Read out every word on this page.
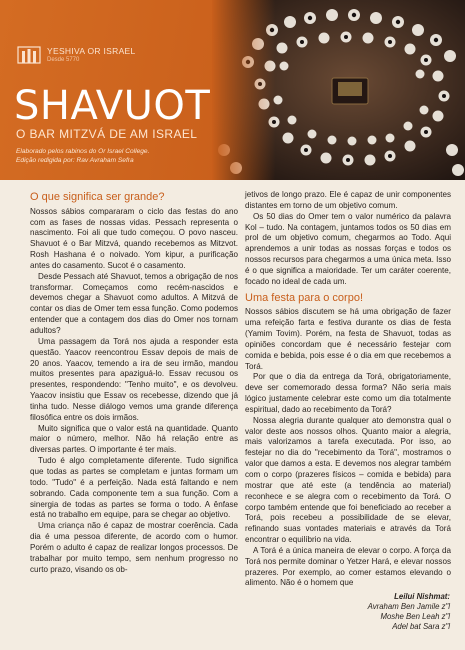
YESHIVA OR ISRAEL
Desde 5770
SHAVUOT
O BAR MITZVÁ DE AM ISRAEL
Elaborado pelos rabinos do Or Israel College.
Edição redigida por: Rav Avraham Sefra
O que significa ser grande?

Nossos sábios compararam o ciclo das festas do ano com as fases de nossas vidas. Pessach representa o nascimento. Foi ali que tudo começou. O povo nasceu. Shavuot é o Bar Mitzvá, quando recebemos as Mitzvot. Rosh Hashana é o noivado. Yom kipur, a purificação antes do casamento. Sucot é o casamento.

Desde Pessach até Shavuot, temos a obrigação de nos transformar. Começamos como recém-nascidos e devemos chegar a Shavuot como adultos. A Mitzvá de contar os dias de Omer tem essa função. Como podemos entender que a contagem dos dias do Omer nos tornam adultos?

Uma passagem da Torá nos ajuda a responder esta questão. Yaacov reencontrou Essav depois de mais de 20 anos. Yaacov, temendo a ira de seu irmão, mandou muitos presentes para apaziguá-lo. Essav recusou os presentes, respondendo: "Tenho muito", e os devolveu. Yaacov insistiu que Essav os recebesse, dizendo que já tinha tudo. Nesse diálogo vemos uma grande diferença filosófica entre os dois irmãos.

Muito significa que o valor está na quantidade. Quanto maior o número, melhor. Não há relação entre as diversas partes. O importante é ter mais.

Tudo é algo completamente diferente. Tudo significa que todas as partes se completam e juntas formam um todo. "Tudo" é a perfeição. Nada está faltando e nem sobrando. Cada componente tem a sua função. Com a sinergia de todas as partes se forma o todo. A ênfase está no trabalho em equipe, para se chegar ao objetivo.

Uma criança não é capaz de mostrar coerência. Cada dia é uma pessoa diferente, de acordo com o humor. Porém o adulto é capaz de realizar longos processos. De trabalhar por muito tempo, sem nenhum progresso no curto prazo, visando os ob-

jetivos de longo prazo. Ele é capaz de unir componentes distantes em torno de um objetivo comum.

Os 50 dias do Omer tem o valor numérico da palavra Kol – tudo. Na contagem, juntamos todos os 50 dias em prol de um objetivo comum, chegarmos ao Todo. Aqui aprendemos a unir todas as nossas forças e todos os nossos recursos para chegarmos a uma única meta. Isso é o que significa a maioridade. Ter um caráter coerente, focado no ideal de cada um.

Uma festa para o corpo!

Nossos sábios discutem se há uma obrigação de fazer uma refeição farta e festiva durante os dias de festa (Yamim Tovim). Porém, na festa de Shavuot, todas as opiniões concordam que é necessário festejar com comida e bebida, pois esse é o dia em que recebemos a Torá.

Por que o dia da entrega da Torá, obrigatoriamente, deve ser comemorado dessa forma? Não seria mais lógico justamente celebrar este como um dia totalmente espiritual, dado ao recebimento da Torá?

Nossa alegria durante qualquer ato demonstra qual o valor deste aos nossos olhos. Quanto maior a alegria, mais valorizamos a tarefa executada. Por isso, ao festejar no dia do "recebimento da Torá", mostramos o valor que damos a esta. E devemos nos alegrar também com o corpo (prazeres físicos – comida e bebida) para mostrar que até este (a tendência ao material) reconhece e se alegra com o recebimento da Torá. O corpo também entende que foi beneficiado ao receber a Torá, pois recebeu a possibilidade de se elevar, refinando suas vontades materiais e através da Torá encontrar o equilíbrio na vida.

A Torá é a única maneira de elevar o corpo. A força da Torá nos permite dominar o Yetzer Hará, e elevar nossos prazeres. Por exemplo, ao comer estamos elevando o alimento. Não é o homem que

Leilui Nishmat:
Avraham Ben Jamile z"l
Moshe Ben Leah z"l
Adel bat Sara z"l
